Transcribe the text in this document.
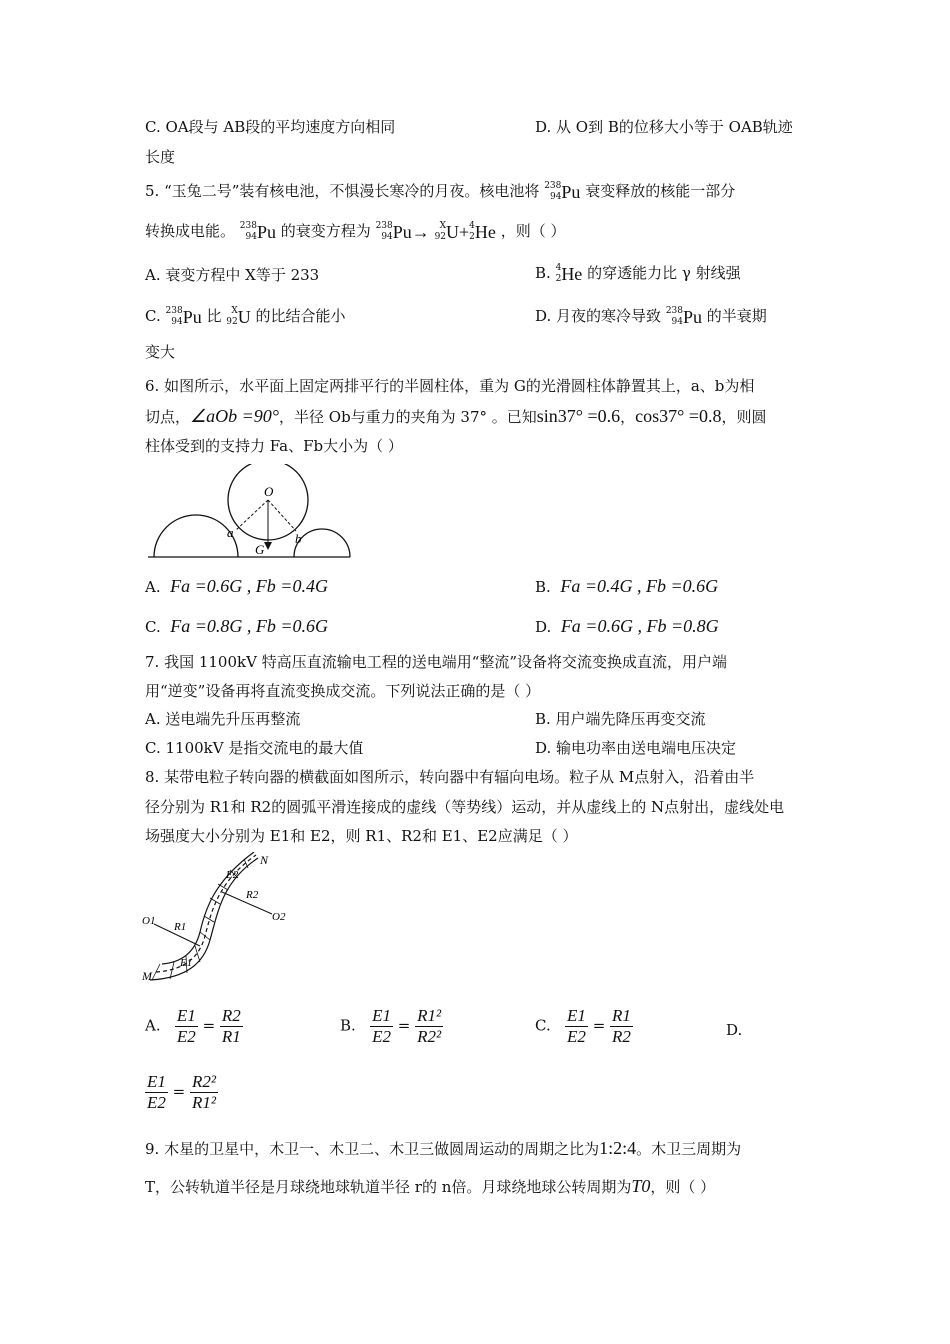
C. OA段与 AB段的平均速度方向相同	D. 从 O到 B的位移大小等于 OAB轨迹
长度
5. “玉兔二号”装有核电池，不惧漫长寒冷的月夜。核电池将 238
94Pu 衰变释放的核能一部分
转换成电能。 238
94Pu 的衰变方程为 238
94Pu→ X
92U+4
2He ，则（ ）
A. 衰变方程中 X等于 233	B. 4
2He 的穿透能力比 γ 射线强
C. 238
94Pu 比 X
92U 的比结合能小	D. 月夜的寒冷导致 238
94Pu 的半衰期
变大
6. 如图所示，水平面上固定两排平行的半圆柱体，重为 G的光滑圆柱体静置其上，a、b为相
切点，∠aOb =90°，半径 Ob与重力的夹角为 37° 。已知sin37° =0.6，cos37° =0.8，则圆
柱体受到的支持力 Fa、Fb大小为（ ）
O
a	b
G
A. Fa =0.6G , Fb =0.4G	B. Fa =0.4G , Fb =0.6G
C. Fa =0.8G , Fb =0.6G	D. Fa =0.6G , Fb =0.8G
7. 我国 1100kV 特高压直流输电工程的送电端用“整流”设备将交流变换成直流，用户端
用“逆变”设备再将直流变换成交流。下列说法正确的是（ ）
A. 送电端先升压再整流	B. 用户端先降压再变交流
C. 1100kV 是指交流电的最大值	D. 输电功率由送电端电压决定
8. 某带电粒子转向器的横截面如图所示，转向器中有辐向电场。粒子从 M点射入，沿着由半
径分别为 R1和 R2的圆弧平滑连接成的虚线（等势线）运动，并从虚线上的 N点射出，虚线处电
场强度大小分别为 E1和 E2，则 R1、R2和 E1、E2应满足（ ）
N
M
O1	O2
R1
R2
E1
E2
A. $\frac{E1}{E2} = \frac{R2}{R1}$	B. $\frac{E1}{E2} = \frac{\text{R1²}}{\text{R2²}}$	C. $\frac{E1}{E2} = \frac{R1}{R2}$	D.
$\frac{E1}{E2} = \frac{\text{R2²}}{\text{R1²}}$
9. 木星的卫星中，木卫一、木卫二、木卫三做圆周运动的周期之比为1:2:4。木卫三周期为
T，公转轨道半径是月球绕地球轨道半径 r的 n倍。月球绕地球公转周期为T0，则（ ）
